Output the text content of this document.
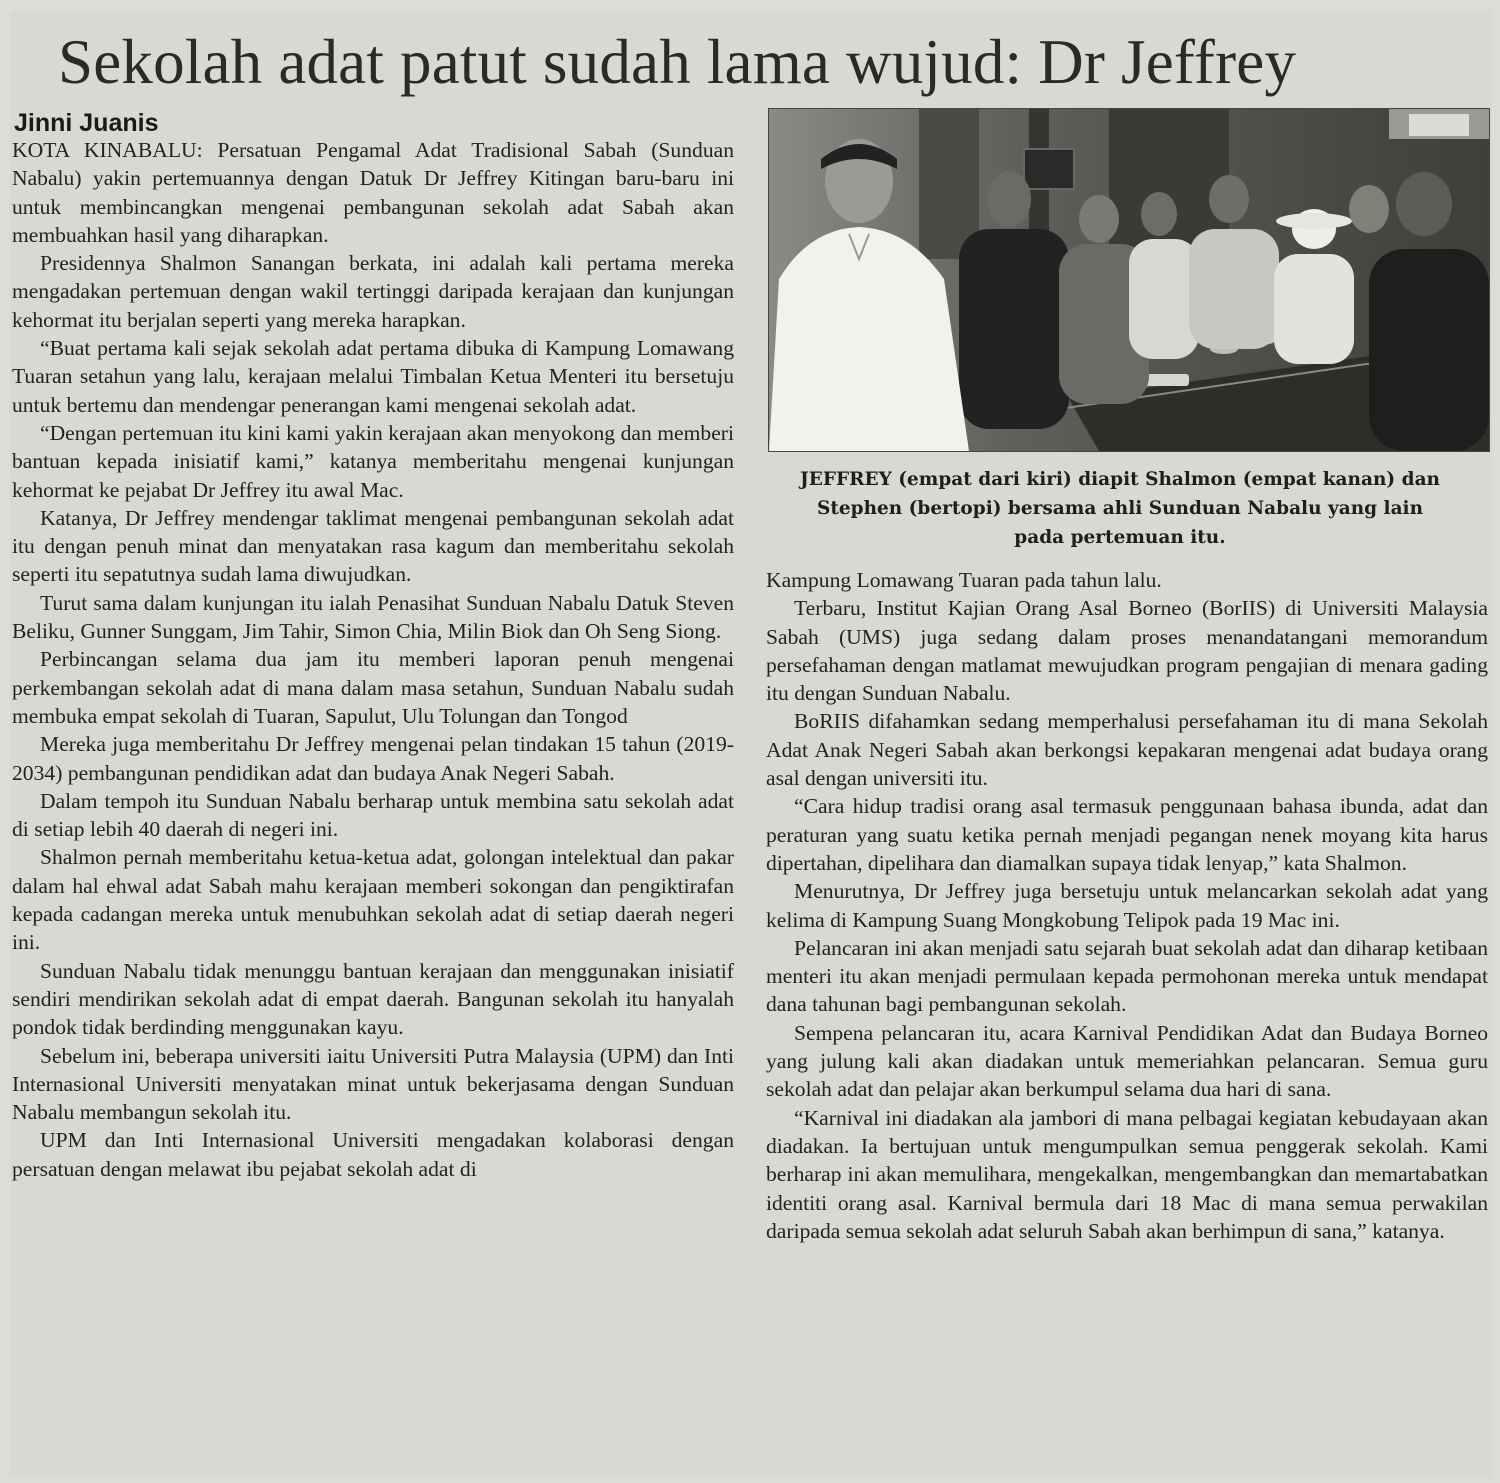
Sekolah adat patut sudah lama wujud: Dr Jeffrey
Jinni Juanis

KOTA KINABALU: Persatuan Pengamal Adat Tradisional Sabah (Sunduan Nabalu) yakin pertemuannya dengan Datuk Dr Jeffrey Kitingan baru-baru ini untuk membincangkan mengenai pembangunan sekolah adat Sabah akan membuahkan hasil yang diharapkan.

Presidennya Shalmon Sanangan berkata, ini adalah kali pertama mereka mengadakan pertemuan dengan wakil tertinggi daripada kerajaan dan kunjungan kehormat itu berjalan seperti yang mereka harapkan.

“Buat pertama kali sejak sekolah adat pertama dibuka di Kampung Lomawang Tuaran setahun yang lalu, kerajaan melalui Timbalan Ketua Menteri itu bersetuju untuk bertemu dan mendengar penerangan kami mengenai sekolah adat.

“Dengan pertemuan itu kini kami yakin kerajaan akan menyokong dan memberi bantuan kepada inisiatif kami,” katanya memberitahu mengenai kunjungan kehormat ke pejabat Dr Jeffrey itu awal Mac.

Katanya, Dr Jeffrey mendengar taklimat mengenai pembangunan sekolah adat itu dengan penuh minat dan menyatakan rasa kagum dan memberitahu sekolah seperti itu sepatutnya sudah lama diwujudkan.

Turut sama dalam kunjungan itu ialah Penasihat Sunduan Nabalu Datuk Steven Beliku, Gunner Sunggam, Jim Tahir, Simon Chia, Milin Biok dan Oh Seng Siong.

Perbincangan selama dua jam itu memberi laporan penuh mengenai perkembangan sekolah adat di mana dalam masa setahun, Sunduan Nabalu sudah membuka empat sekolah di Tuaran, Sapulut, Ulu Tolungan dan Tongod

Mereka juga memberitahu Dr Jeffrey mengenai pelan tindakan 15 tahun (2019-2034) pembangunan pendidikan adat dan budaya Anak Negeri Sabah.

Dalam tempoh itu Sunduan Nabalu berharap untuk membina satu sekolah adat di setiap lebih 40 daerah di negeri ini.

Shalmon pernah memberitahu ketua-ketua adat, golongan intelektual dan pakar dalam hal ehwal adat Sabah mahu kerajaan memberi sokongan dan pengiktirafan kepada cadangan mereka untuk menubuhkan sekolah adat di setiap daerah negeri ini.

Sunduan Nabalu tidak menunggu bantuan kerajaan dan menggunakan inisiatif sendiri mendirikan sekolah adat di empat daerah. Bangunan sekolah itu hanyalah pondok tidak berdinding menggunakan kayu.

Sebelum ini, beberapa universiti iaitu Universiti Putra Malaysia (UPM) dan Inti Internasional Universiti menyatakan minat untuk bekerjasama dengan Sunduan Nabalu membangun sekolah itu.

UPM dan Inti Internasional Universiti mengadakan kolaborasi dengan persatuan dengan melawat ibu pejabat sekolah adat di

JEFFREY (empat dari kiri) diapit Shalmon (empat kanan) dan Stephen (bertopi) bersama ahli Sunduan Nabalu yang lain pada pertemuan itu.

Kampung Lomawang Tuaran pada tahun lalu.

Terbaru, Institut Kajian Orang Asal Borneo (BorIIS) di Universiti Malaysia Sabah (UMS) juga sedang dalam proses menandatangani memorandum persefahaman dengan matlamat mewujudkan program pengajian di menara gading itu dengan Sunduan Nabalu.

BoRIIS difahamkan sedang memperhalusi persefahaman itu di mana Sekolah Adat Anak Negeri Sabah akan berkongsi kepakaran mengenai adat budaya orang asal dengan universiti itu.

“Cara hidup tradisi orang asal termasuk penggunaan bahasa ibunda, adat dan peraturan yang suatu ketika pernah menjadi pegangan nenek moyang kita harus dipertahan, dipelihara dan diamalkan supaya tidak lenyap,” kata Shalmon.

Menurutnya, Dr Jeffrey juga bersetuju untuk melancarkan sekolah adat yang kelima di Kampung Suang Mongkobung Telipok pada 19 Mac ini.

Pelancaran ini akan menjadi satu sejarah buat sekolah adat dan diharap ketibaan menteri itu akan menjadi permulaan kepada permohonan mereka untuk mendapat dana tahunan bagi pembangunan sekolah.

Sempena pelancaran itu, acara Karnival Pendidikan Adat dan Budaya Borneo yang julung kali akan diadakan untuk memeriahkan pelancaran. Semua guru sekolah adat dan pelajar akan berkumpul selama dua hari di sana.

“Karnival ini diadakan ala jambori di mana pelbagai kegiatan kebudayaan akan diadakan. Ia bertujuan untuk mengumpulkan semua penggerak sekolah. Kami berharap ini akan memulihara, mengekalkan, mengembangkan dan memartabatkan identiti orang asal. Karnival bermula dari 18 Mac di mana semua perwakilan daripada semua sekolah adat seluruh Sabah akan berhimpun di sana,” katanya.
